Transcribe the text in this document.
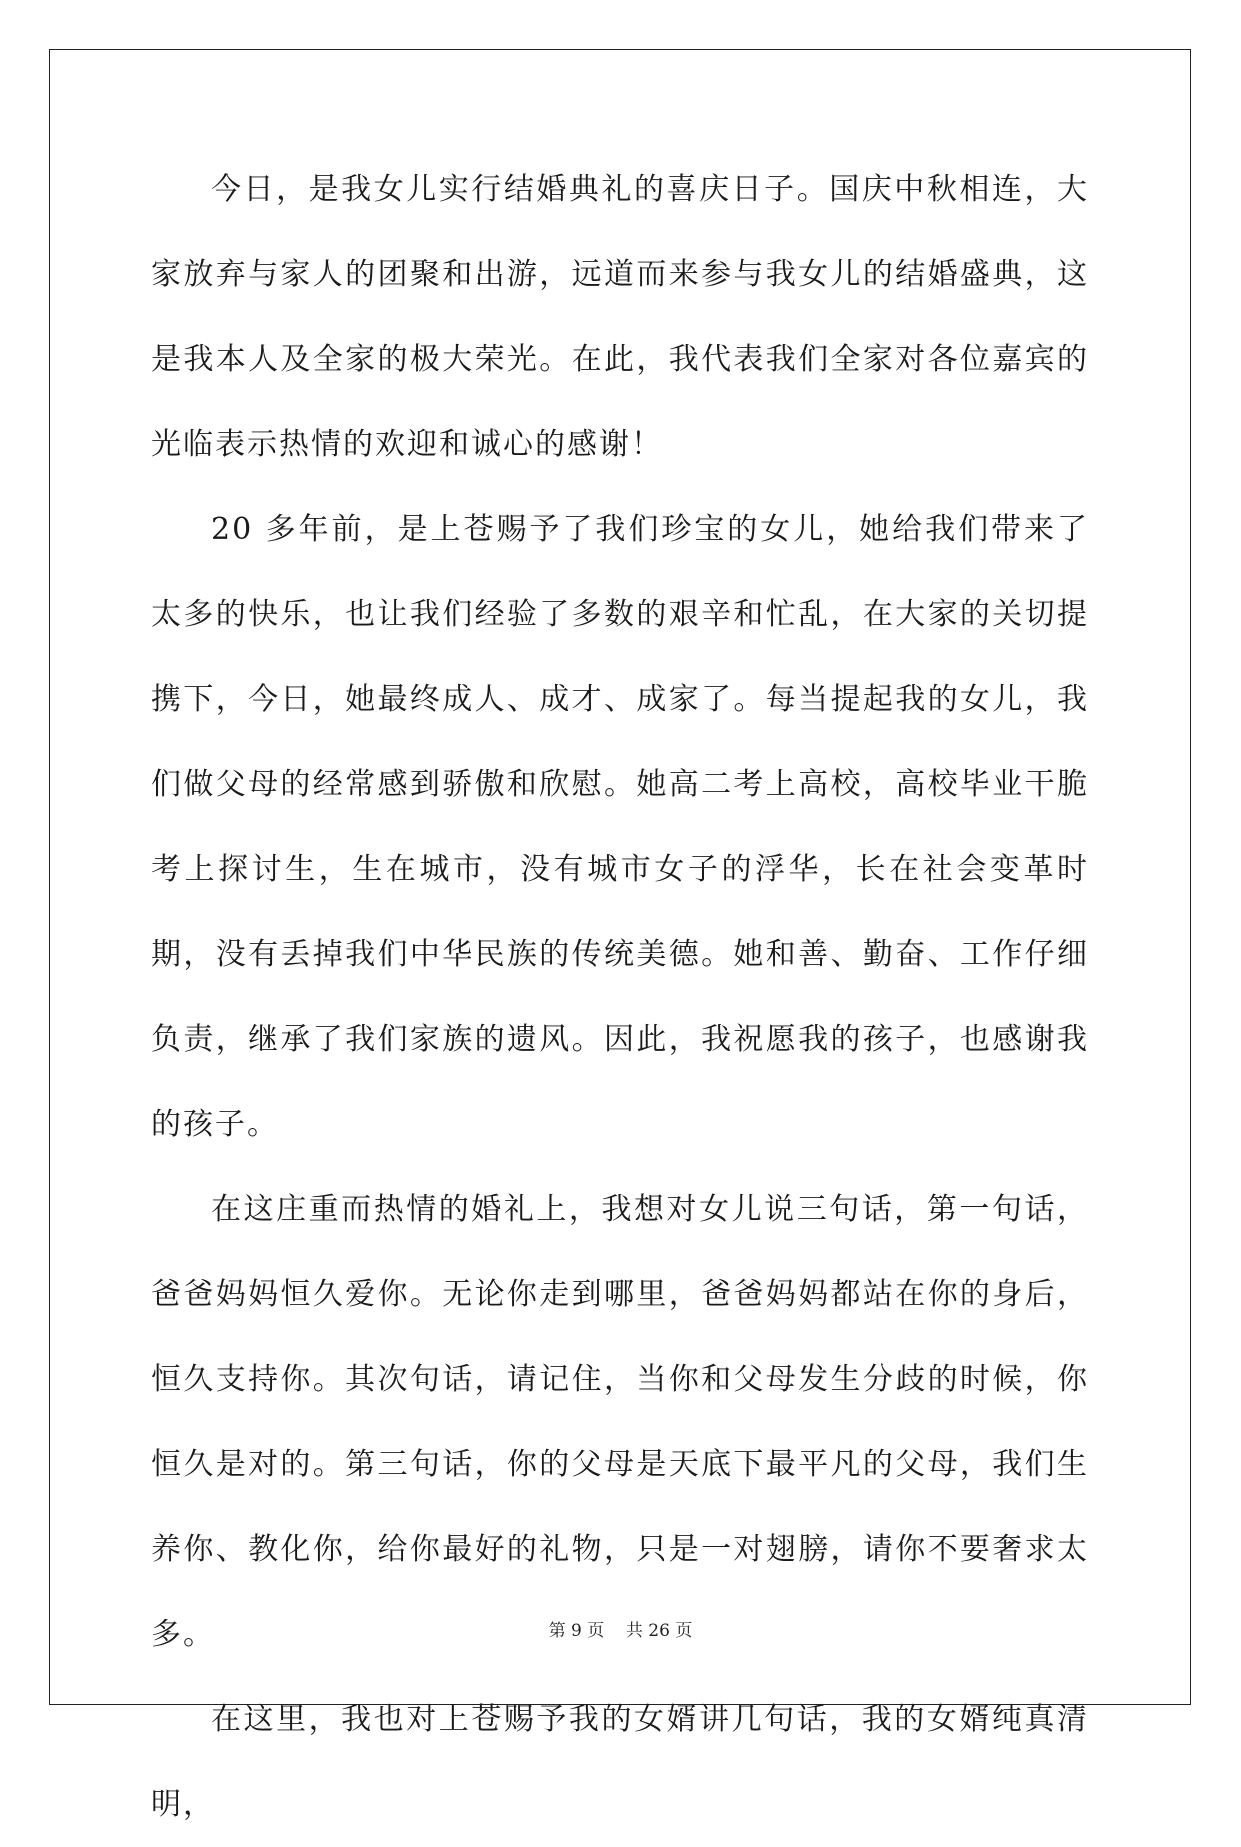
今日，是我女儿实行结婚典礼的喜庆日子。国庆中秋相连，大家放弃与家人的团聚和出游，远道而来参与我女儿的结婚盛典，这是我本人及全家的极大荣光。在此，我代表我们全家对各位嘉宾的光临表示热情的欢迎和诚心的感谢！

20 多年前，是上苍赐予了我们珍宝的女儿，她给我们带来了太多的快乐，也让我们经验了多数的艰辛和忙乱，在大家的关切提携下，今日，她最终成人、成才、成家了。每当提起我的女儿，我们做父母的经常感到骄傲和欣慰。她高二考上高校，高校毕业干脆考上探讨生，生在城市，没有城市女子的浮华，长在社会变革时期，没有丢掉我们中华民族的传统美德。她和善、勤奋、工作仔细负责，继承了我们家族的遗风。因此，我祝愿我的孩子，也感谢我的孩子。

在这庄重而热情的婚礼上，我想对女儿说三句话，第一句话，爸爸妈妈恒久爱你。无论你走到哪里，爸爸妈妈都站在你的身后，恒久支持你。其次句话，请记住，当你和父母发生分歧的时候，你恒久是对的。第三句话，你的父母是天底下最平凡的父母，我们生养你、教化你，给你最好的礼物，只是一对翅膀，请你不要奢求太多。

在这里，我也对上苍赐予我的女婿讲几句话，我的女婿纯真清明，

第 9 页 共 26 页
